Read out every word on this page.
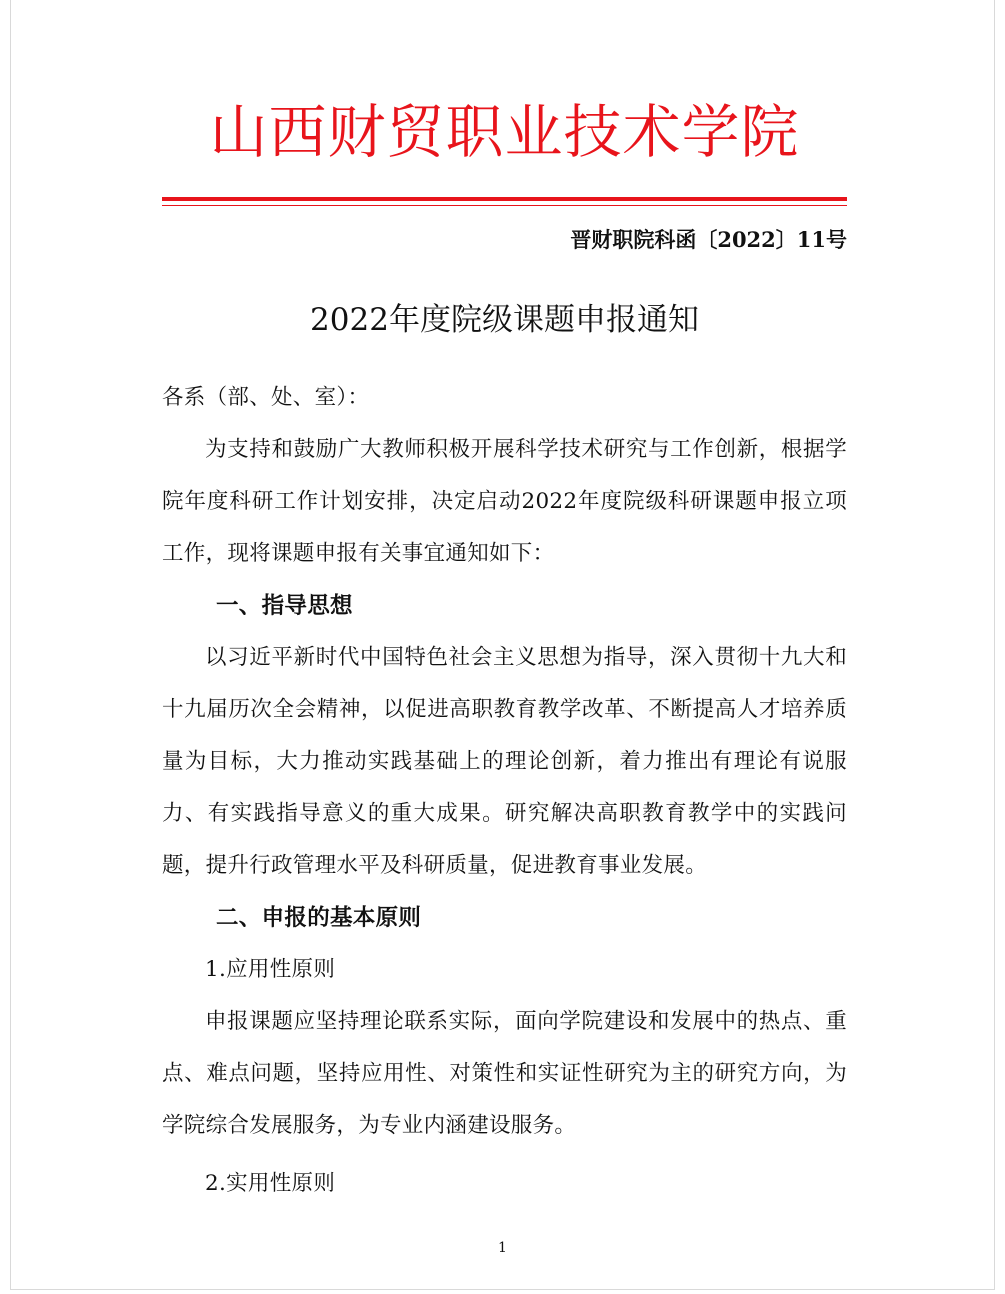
山西财贸职业技术学院
晋财职院科函〔2022〕11号
2022年度院级课题申报通知

各系（部、处、室）：

为支持和鼓励广大教师积极开展科学技术研究与工作创新，根据学院年度科研工作计划安排，决定启动2022年度院级科研课题申报立项工作，现将课题申报有关事宜通知如下：

一、指导思想

以习近平新时代中国特色社会主义思想为指导，深入贯彻十九大和十九届历次全会精神，以促进高职教育教学改革、不断提高人才培养质量为目标，大力推动实践基础上的理论创新，着力推出有理论有说服力、有实践指导意义的重大成果。研究解决高职教育教学中的实践问题，提升行政管理水平及科研质量，促进教育事业发展。

二、申报的基本原则

1.应用性原则

申报课题应坚持理论联系实际，面向学院建设和发展中的热点、重点、难点问题，坚持应用性、对策性和实证性研究为主的研究方向，为学院综合发展服务，为专业内涵建设服务。

2.实用性原则

1
